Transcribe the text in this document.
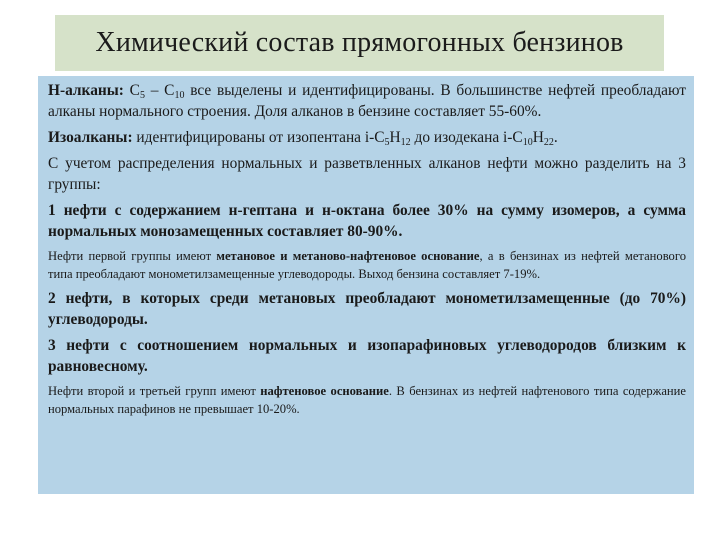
Химический состав прямогонных бензинов

Н-алканы: $С_5 - С_{10}$ все выделены и идентифицированы. В большинстве нефтей преобладают алканы нормального строения. Доля алканов в бензине составляет 55-60%.

Изоалканы: идентифицированы от изопентана $i-С_5Н_{12}$ до изодекана $i-С_{10}Н_{22}$.

С учетом распределения нормальных и разветвленных алканов нефти можно разделить на 3 группы:

1 нефти с содержанием н-гептана и н-октана более 30% на сумму изомеров, а сумма нормальных монозамещенных составляет 80-90%.

Нефти первой группы имеют метановое и метаново-нафтеновое основание, а в бензинах из нефтей метанового типа преобладают монометилзамещенные углеводороды. Выход бензина составляет 7-19%.

2 нефти, в которых среди метановых преобладают монометилзамещенные (до 70%) углеводороды.

3 нефти с соотношением нормальных и изопарафиновых углеводородов близким к равновесному.

Нефти второй и третьей групп имеют нафтеновое основание. В бензинах из нефтей нафтенового типа содержание нормальных парафинов не превышает 10-20%.
